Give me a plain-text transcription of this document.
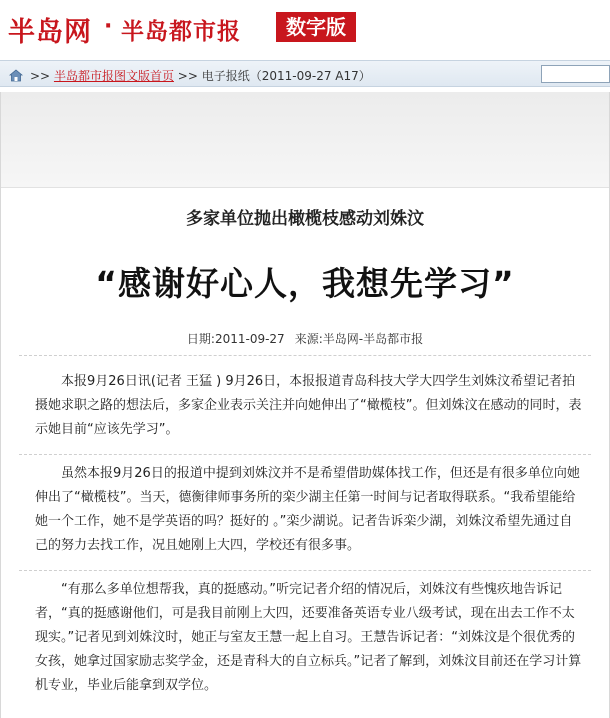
半岛网 · 半岛都市报	数字版
>> 半岛都市报图文版首页 >> 电子报纸（2011-09-27 A17）
多家单位抛出橄榄枝感动刘姝汶
“感谢好心人，我想先学习”
日期:2011-09-27 来源:半岛网-半岛都市报

本报9月26日讯(记者 王猛 ) 9月26日，本报报道青岛科技大学大四学生刘姝汶希望记者拍摄她求职之路的想法后，多家企业表示关注并向她伸出了“橄榄枝”。但刘姝汶在感动的同时，表示她目前“应该先学习”。

虽然本报9月26日的报道中提到刘姝汶并不是希望借助媒体找工作，但还是有很多单位向她伸出了“橄榄枝”。当天，德衡律师事务所的栾少湖主任第一时间与记者取得联系。“我希望能给她一个工作，她不是学英语的吗？挺好的 。”栾少湖说。记者告诉栾少湖，刘姝汶希望先通过自己的努力去找工作，况且她刚上大四，学校还有很多事。

“有那么多单位想帮我，真的挺感动。”听完记者介绍的情况后，刘姝汶有些愧疚地告诉记者，“真的挺感谢他们，可是我目前刚上大四，还要准备英语专业八级考试，现在出去工作不太现实。”记者见到刘姝汶时，她正与室友王慧一起上自习。王慧告诉记者：“刘姝汶是个很优秀的女孩，她拿过国家励志奖学金，还是青科大的自立标兵。”记者了解到，刘姝汶目前还在学习计算机专业，毕业后能拿到双学位。
